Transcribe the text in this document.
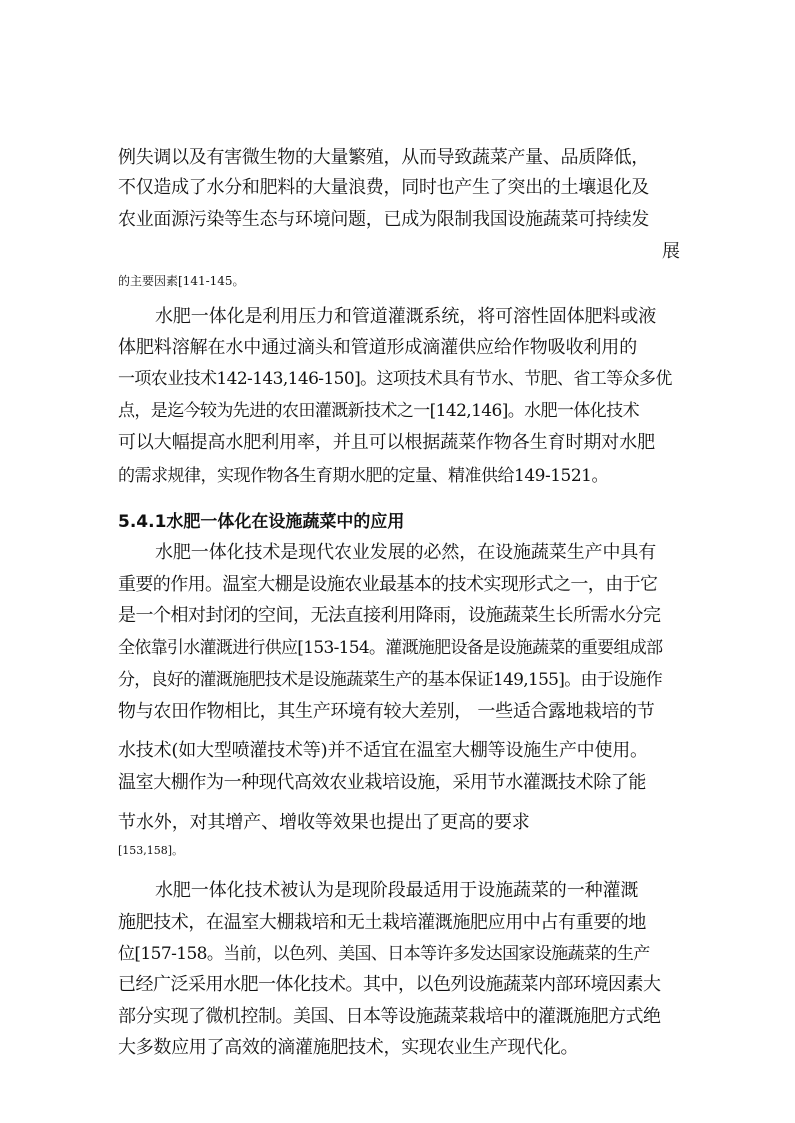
例失调以及有害微生物的大量繁殖，从而导致蔬菜产量、品质降低，
不仅造成了水分和肥料的大量浪费，同时也产生了突出的土壤退化及
农业面源污染等生态与环境问题，已成为限制我国设施蔬菜可持续发
展
的主要因素[141-145。
水肥一体化是利用压力和管道灌溉系统，将可溶性固体肥料或液
体肥料溶解在水中通过滴头和管道形成滴灌供应给作物吸收利用的
一项农业技术142-143,146-150]。这项技术具有节水、节肥、省工等众多优
点，是迄今较为先进的农田灌溉新技术之一[142,146]。水肥一体化技术
可以大幅提高水肥利用率，并且可以根据蔬菜作物各生育时期对水肥
的需求规律，实现作物各生育期水肥的定量、精准供给149-1521。
5.4.1水肥一体化在设施蔬菜中的应用
水肥一体化技术是现代农业发展的必然，在设施蔬菜生产中具有
重要的作用。温室大棚是设施农业最基本的技术实现形式之一，由于它
是一个相对封闭的空间，无法直接利用降雨，设施蔬菜生长所需水分完
全依靠引水灌溉进行供应[153-154。灌溉施肥设备是设施蔬菜的重要组成部
分，良好的灌溉施肥技术是设施蔬菜生产的基本保证149,155]。由于设施作
物与农田作物相比，其生产环境有较大差别， 一些适合露地栽培的节
水技术(如大型喷灌技术等)并不适宜在温室大棚等设施生产中使用。
温室大棚作为一种现代高效农业栽培设施，采用节水灌溉技术除了能
节水外，对其增产、增收等效果也提出了更高的要求
[153,158]。
水肥一体化技术被认为是现阶段最适用于设施蔬菜的一种灌溉
施肥技术，在温室大棚栽培和无土栽培灌溉施肥应用中占有重要的地
位[157-158。当前，以色列、美国、日本等许多发达国家设施蔬菜的生产
已经广泛采用水肥一体化技术。其中，以色列设施蔬菜内部环境因素大
部分实现了微机控制。美国、日本等设施蔬菜栽培中的灌溉施肥方式绝
大多数应用了高效的滴灌施肥技术，实现农业生产现代化。
